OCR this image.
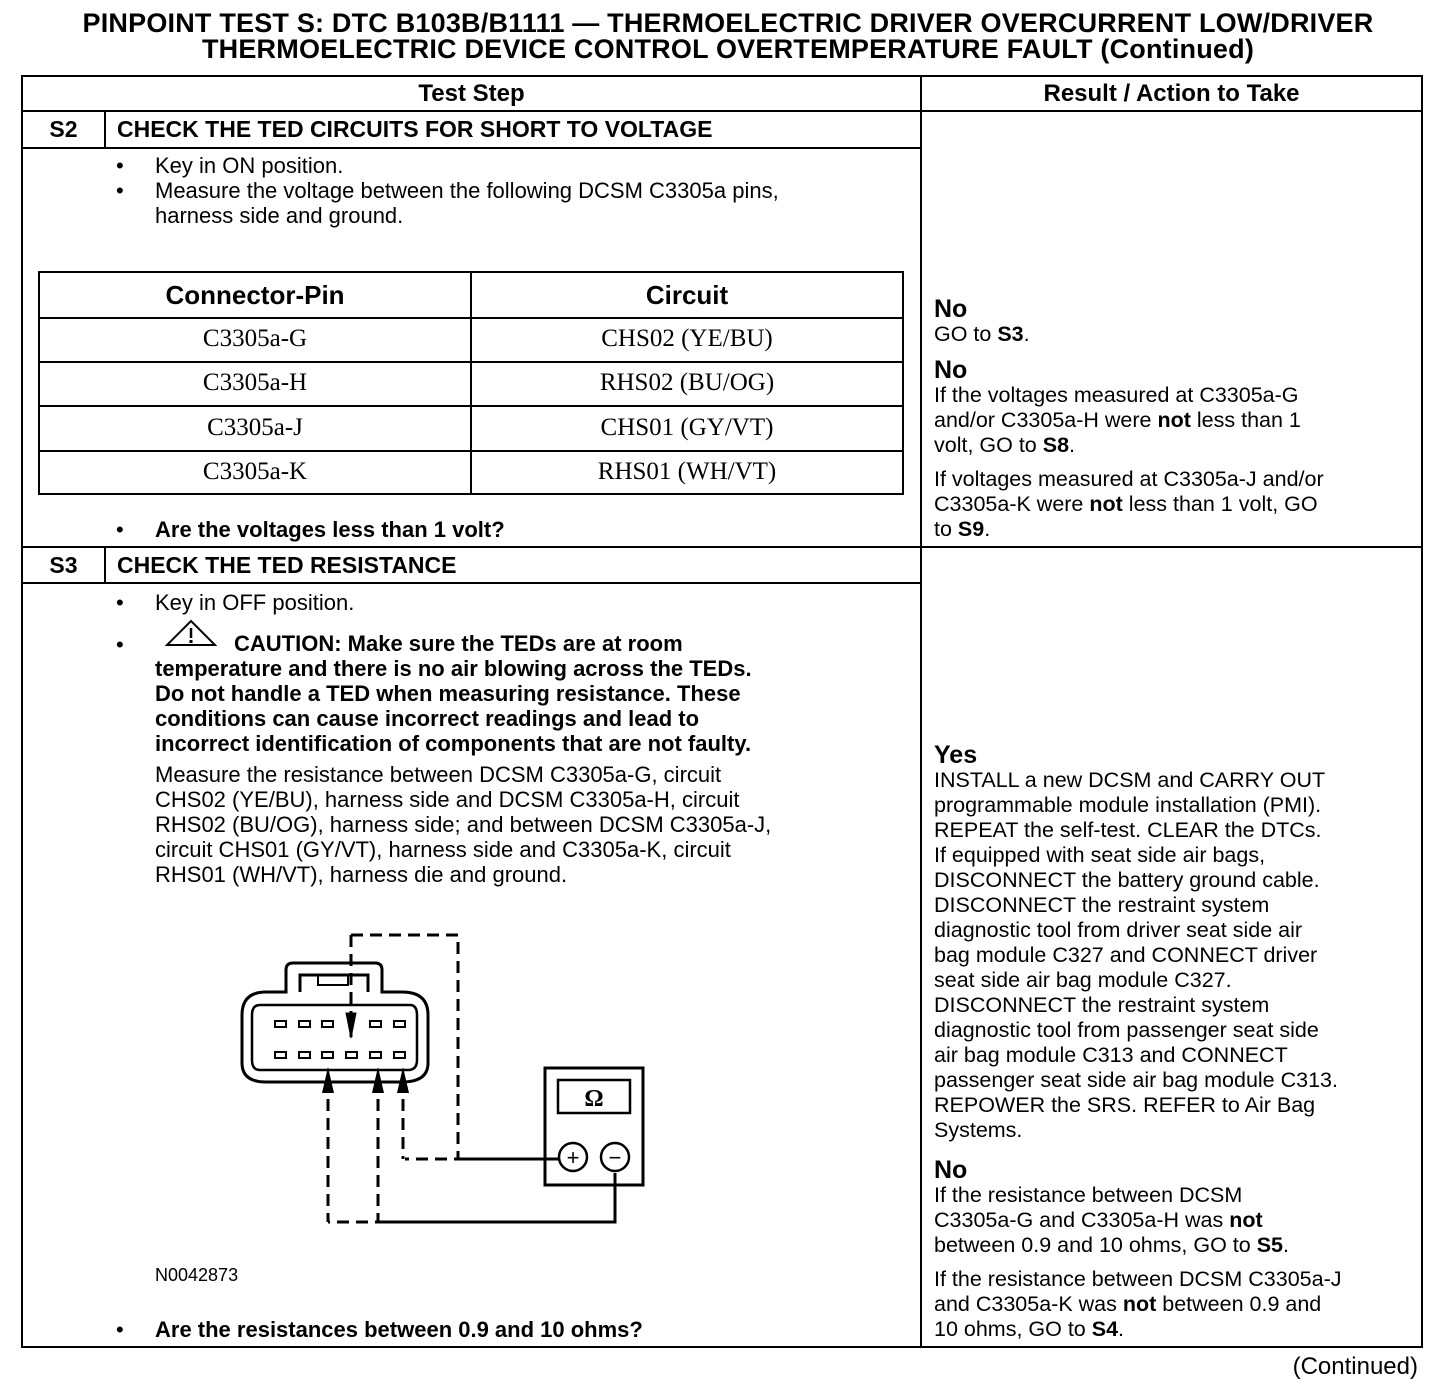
PINPOINT TEST S: DTC B103B/B1111 — THERMOELECTRIC DRIVER OVERCURRENT LOW/DRIVER
THERMOELECTRIC DEVICE CONTROL OVERTEMPERATURE FAULT (Continued)
Test Step	Result / Action to Take
S2	CHECK THE TED CIRCUITS FOR SHORT TO VOLTAGE
• Key in ON position.
• Measure the voltage between the following DCSM C3305a pins,
harness side and ground.
Connector-Pin	Circuit
C3305a-G	CHS02 (YE/BU)
C3305a-H	RHS02 (BU/OG)
C3305a-J	CHS01 (GY/VT)
C3305a-K	RHS01 (WH/VT)
• Are the voltages less than 1 volt?
No
GO to S3.
No

If the voltages measured at C3305a-G

and/or C3305a-H were not less than 1

volt, GO to S8.

If voltages measured at C3305a-J and/or

C3305a-K were not less than 1 volt, GO

to S9.

S3	CHECK THE TED RESISTANCE
• Key in OFF position.
•	CAUTION: Make sure the TEDs are at room
temperature and there is no air blowing across the TEDs.
Do not handle a TED when measuring resistance. These
conditions can cause incorrect readings and lead to
incorrect identification of components that are not faulty.
Measure the resistance between DCSM C3305a-G, circuit
CHS02 (YE/BU), harness side and DCSM C3305a-H, circuit
RHS02 (BU/OG), harness side; and between DCSM C3305a-J,
circuit CHS01 (GY/VT), harness side and C3305a-K, circuit
RHS01 (WH/VT), harness die and ground.
Ω
+ −
N0042873
• Are the resistances between 0.9 and 10 ohms?
Yes

INSTALL a new DCSM and CARRY OUT

programmable module installation (PMI).

REPEAT the self-test. CLEAR the DTCs.

If equipped with seat side air bags,

DISCONNECT the battery ground cable.

DISCONNECT the restraint system

diagnostic tool from driver seat side air

bag module C327 and CONNECT driver

seat side air bag module C327.

DISCONNECT the restraint system

diagnostic tool from passenger seat side

air bag module C313 and CONNECT

passenger seat side air bag module C313.

REPOWER the SRS. REFER to Air Bag

Systems.

No

If the resistance between DCSM

C3305a-G and C3305a-H was not

between 0.9 and 10 ohms, GO to S5.

If the resistance between DCSM C3305a-J

and C3305a-K was not between 0.9 and

10 ohms, GO to S4.

(Continued)
